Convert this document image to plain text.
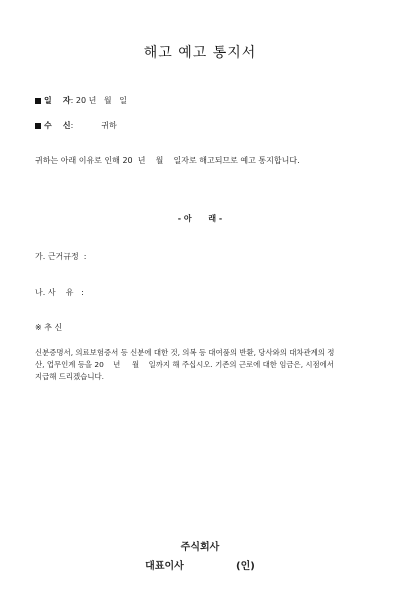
해고 예고 통지서
일    자: 20 년   월   일
수    신:           귀하
귀하는 아래 이유로 인해 20  년    월    일자로 해고되므로 예고 통지합니다.
- 아      래 -
가. 근거규정  :
나. 사    유   :
※ 추 신
신분증명서, 의료보험증서 등 신분에 대한 것, 의복 등 대여품의 반환, 당사와의 대차관계의 정
산, 업무인계 등을 20    년     월    일까지 해 주십시오. 기존의 근로에 대한 임금은, 시점에서
지급해 드리겠습니다.
주식회사
대표이사               (인)
